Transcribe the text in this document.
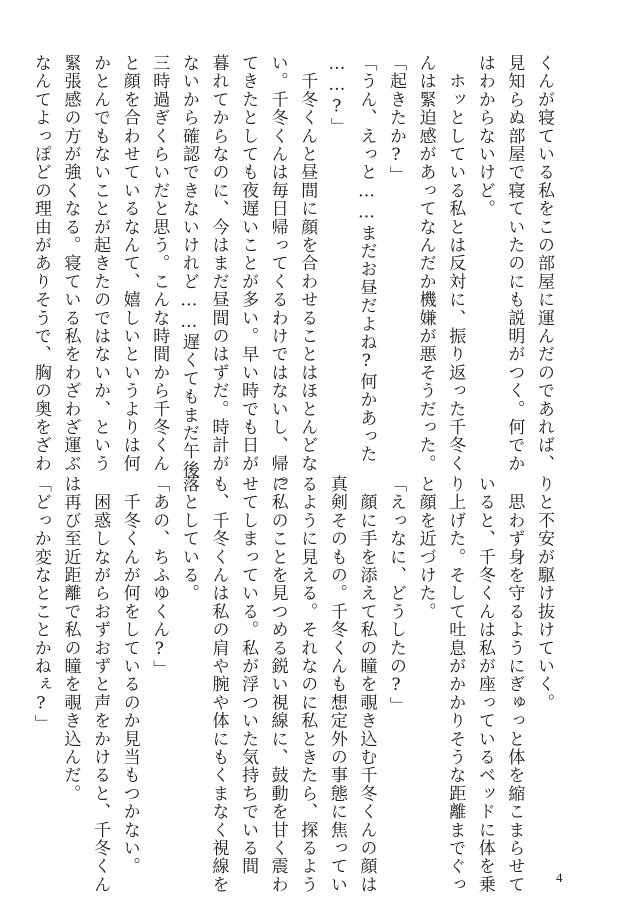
くんが寝ている私をこの部屋に運んだのであれば、
見知らぬ部屋で寝ていたのにも説明がつく。何でか
はわからないけど。
　ホッとしている私とは反対に、振り返った千冬く
んは緊迫感があってなんだか機嫌が悪そうだった。
「起きたか?」
「うん、えっと……まだお昼だよね?何かあった
……?」
　千冬くんと昼間に顔を合わせることはほとんどな
い。千冬くんは毎日帰ってくるわけではないし、帰っ
てきたとしても夜遅いことが多い。早い時でも日が
暮れてからなのに、今はまだ昼間のはずだ。時計が
ないから確認できないけれど……遅くてもまだ午後
三時過ぎくらいだと思う。こんな時間から千冬くん
と顔を合わせているなんて、嬉しいというよりは何
かとんでもないことが起きたのではないか、という
緊張感の方が強くなる。寝ている私をわざわざ運ぶ
なんてよっぽどの理由がありそうで、胸の奥をざわ
りと不安が駆け抜けていく。
　思わず身を守るようにぎゅっと体を縮こまらせて
いると、千冬くんは私が座っているベッドに体を乗
り上げた。そして吐息がかかりそうな距離までぐっ
と顔を近づけた。
「えっなに、どうしたの?」
　顔に手を添えて私の瞳を覗き込む千冬くんの顔は
真剣そのもの。千冬くんも想定外の事態に焦ってい
るように見える。それなのに私ときたら、探るよう
に私のことを見つめる鋭い視線に、鼓動を甘く震わ
せてしまっている。私が浮ついた気持ちでいる間
も、千冬くんは私の肩や腕や体にもくまなく視線を
落としている。
「あの、ちふゆくん?」
　千冬くんが何をしているのか見当もつかない。
　困惑しながらおずおずと声をかけると、千冬くん
は再び至近距離で私の瞳を覗き込んだ。
「どっか変なとことかねぇ?」
4
